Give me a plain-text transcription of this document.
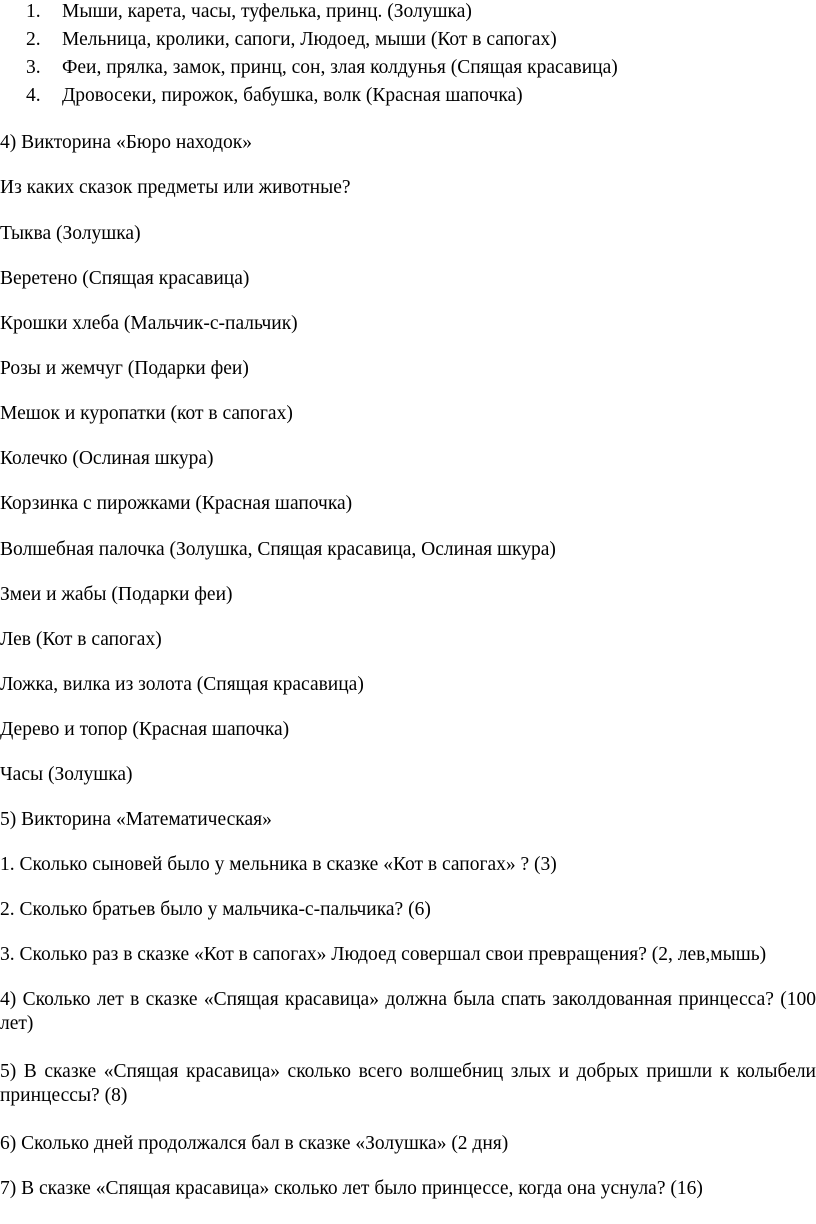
1.	Мыши, карета, часы, туфелька, принц. (Золушка)
2.	Мельница, кролики, сапоги, Людоед, мыши (Кот в сапогах)
3.	Феи, прялка, замок, принц, сон, злая колдунья (Спящая красавица)
4.	Дровосеки, пирожок, бабушка, волк (Красная шапочка)
4) Викторина «Бюро находок»
Из каких сказок предметы или животные?
Тыква (Золушка)
Веретено (Спящая красавица)
Крошки хлеба (Мальчик-с-пальчик)
Розы и жемчуг (Подарки феи)
Мешок и куропатки (кот в сапогах)
Колечко (Ослиная шкура)
Корзинка с пирожками (Красная шапочка)
Волшебная палочка (Золушка, Спящая красавица, Ослиная шкура)
Змеи и жабы (Подарки феи)
Лев (Кот в сапогах)
Ложка, вилка из золота (Спящая красавица)
Дерево и топор (Красная шапочка)
Часы (Золушка)
5) Викторина «Математическая»
1. Сколько сыновей было у мельника в сказке «Кот в сапогах» ? (3)
2. Сколько братьев было у мальчика-с-пальчика? (6)
3. Сколько раз в сказке «Кот в сапогах» Людоед совершал свои превращения? (2, лев,мышь)
4) Сколько лет в сказке «Спящая красавица» должна была спать заколдованная принцесса? (100 лет)
5) В сказке «Спящая красавица» сколько всего волшебниц злых и добрых пришли к колыбели принцессы? (8)
6) Сколько дней продолжался бал в сказке «Золушка» (2 дня)
7) В сказке «Спящая красавица» сколько лет было принцессе, когда она уснула? (16)
